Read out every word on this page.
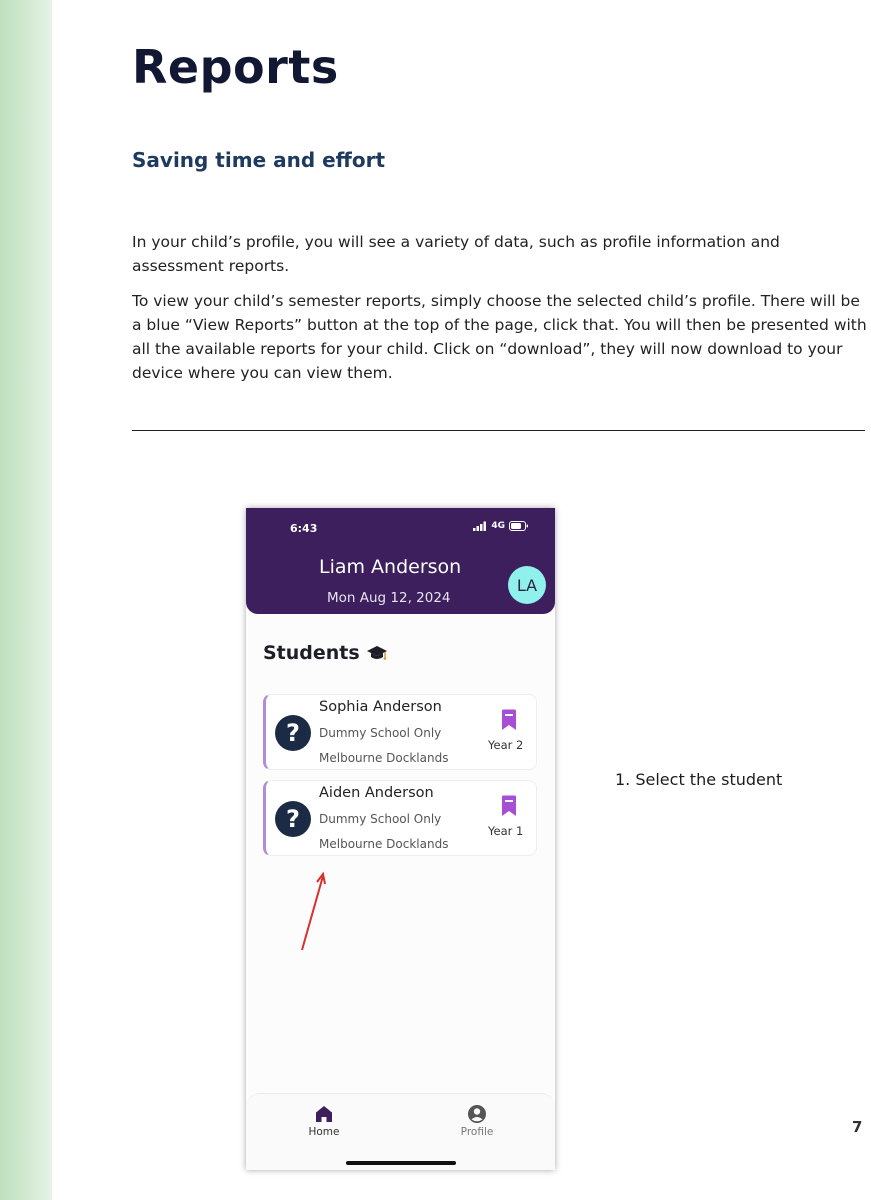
Reports
Saving time and effort

In your child’s profile, you will see a variety of data, such as profile information and assessment reports.

To view your child’s semester reports, simply choose the selected child’s profile. There will be a blue “View Reports” button at the top of the page, click that. You will then be presented with all the available reports for your child. Click on “download”, they will now download to your device where you can view them.

6:43	4G
Liam Anderson
Mon Aug 12, 2024
LA
Students
?
Sophia Anderson
Dummy School Only
Melbourne Docklands
Year 2
?
Aiden Anderson
Dummy School Only
Melbourne Docklands
Year 1
Home	Profile
1. Select the student
7
